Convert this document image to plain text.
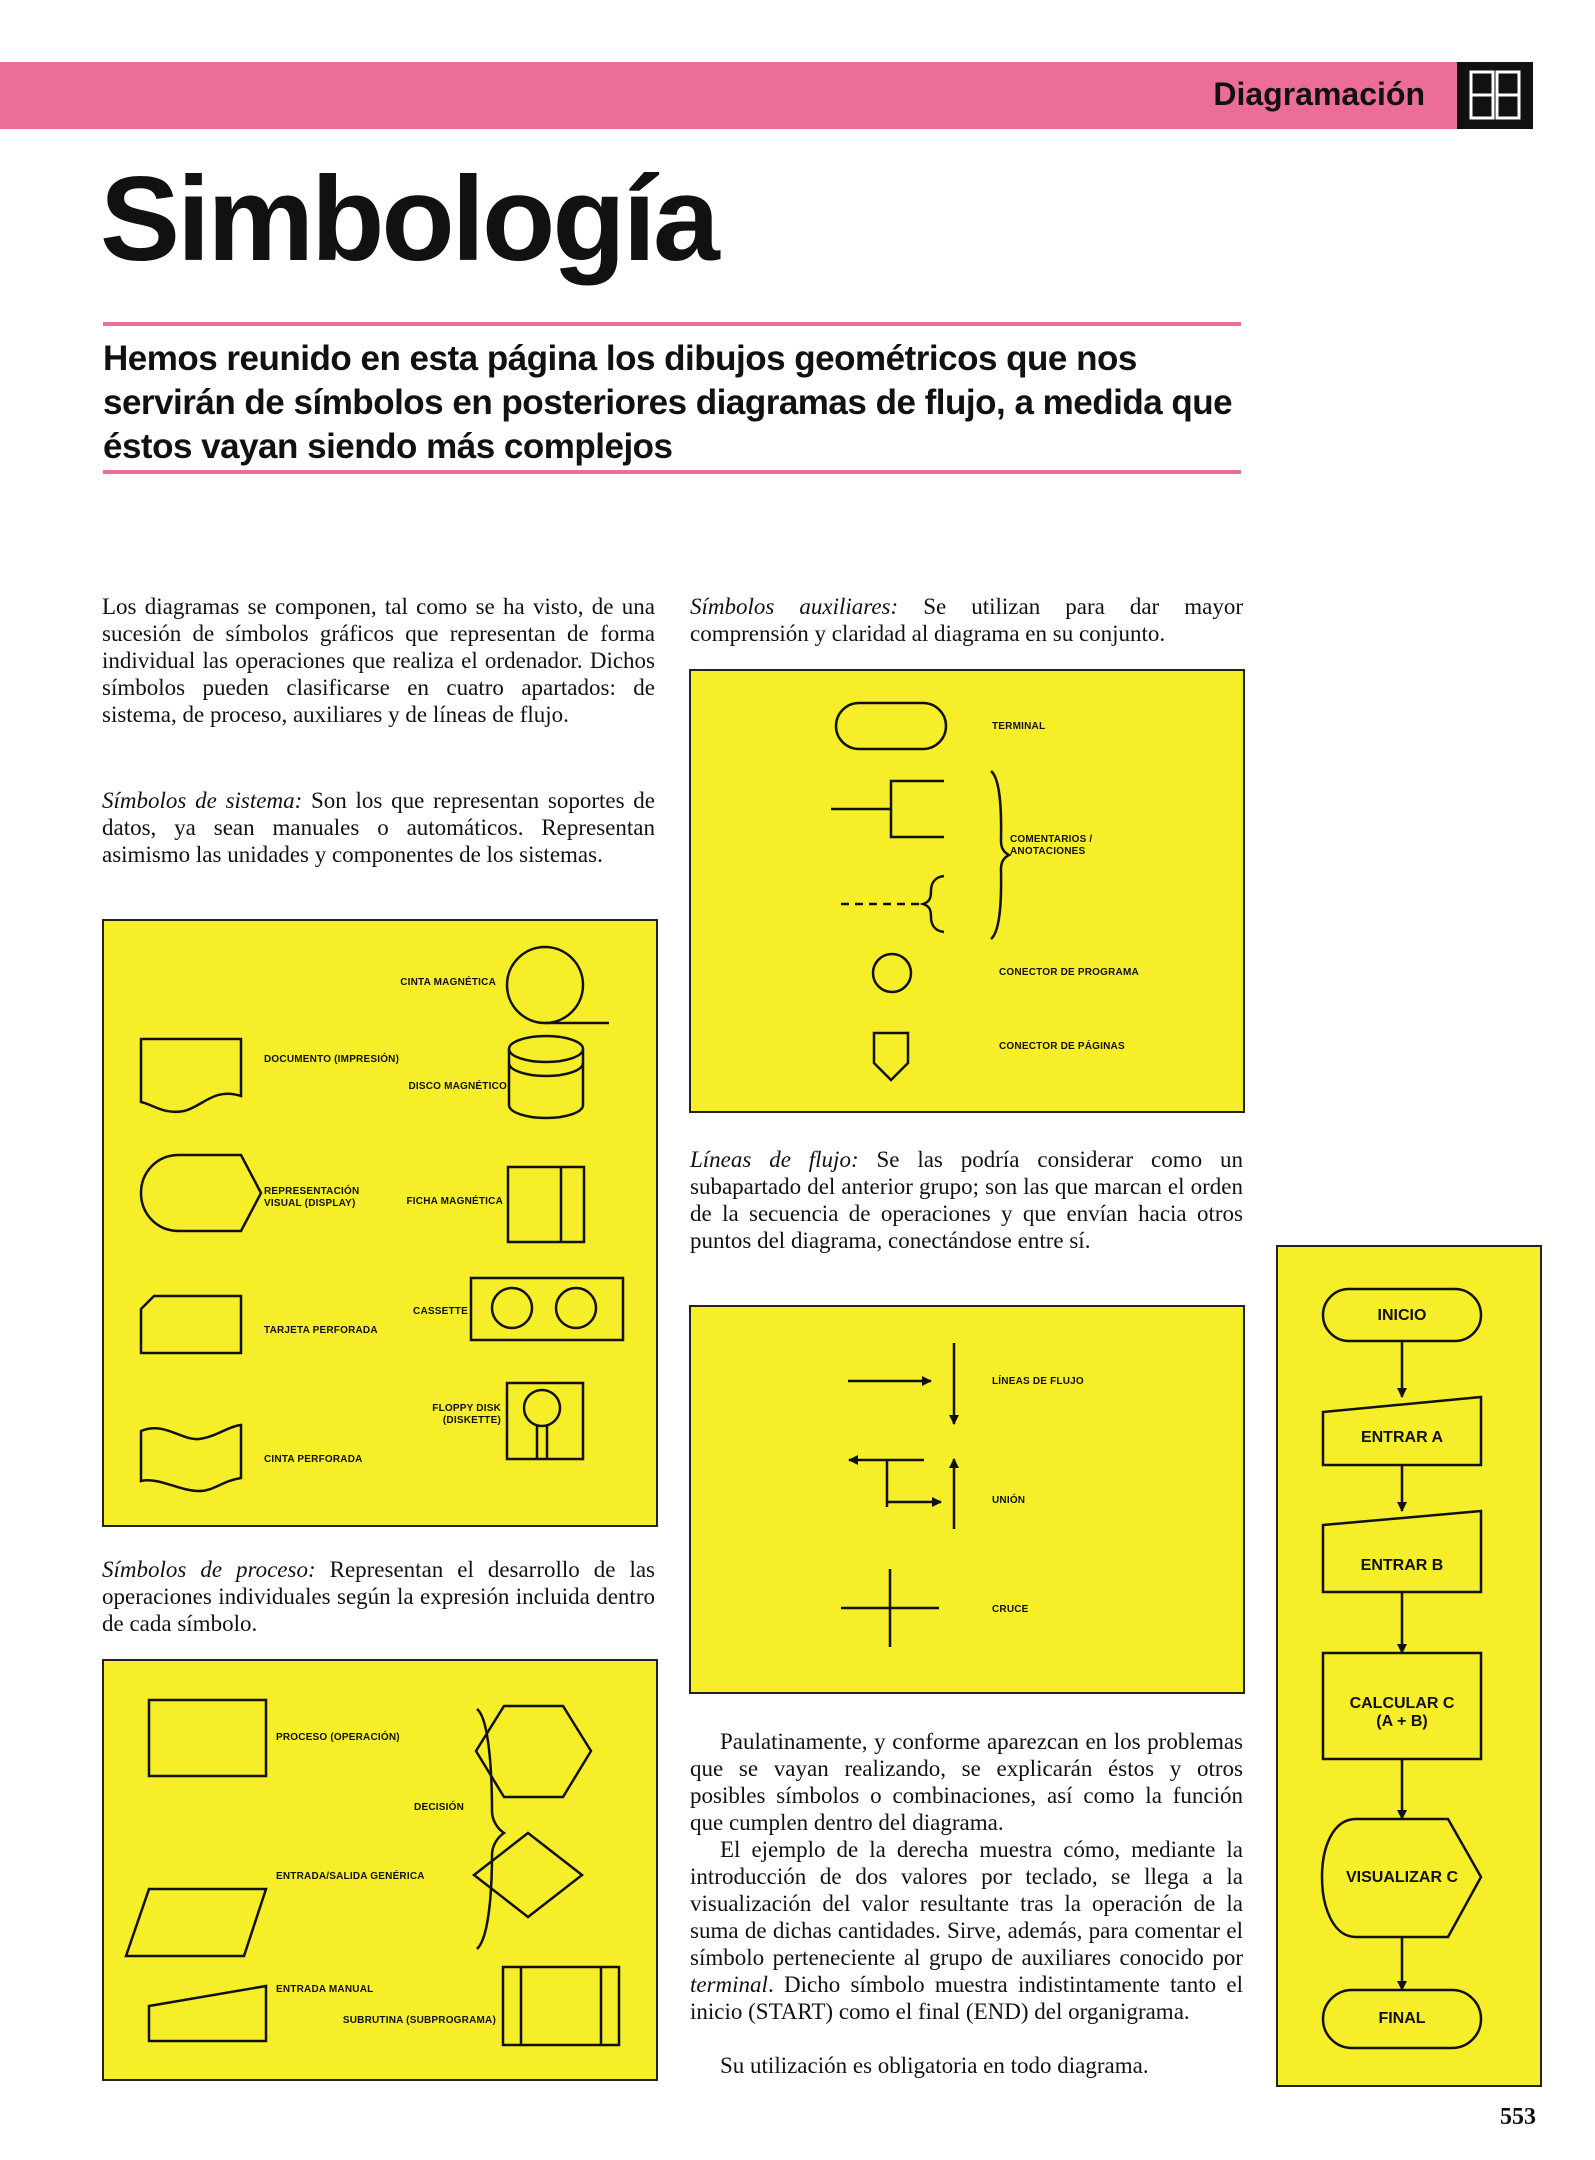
Diagramación
Simbología

Hemos reunido en esta página los dibujos geométricos que nos servirán de símbolos en posteriores diagramas de flujo, a medida que éstos vayan siendo más complejos

Los diagramas se componen, tal como se ha visto, de una sucesión de símbolos gráficos que representan de forma individual las operaciones que realiza el ordenador. Dichos símbolos pueden clasificarse en cuatro apartados: de sistema, de proceso, auxiliares y de líneas de flujo.

Símbolos de sistema: Son los que representan soportes de datos, ya sean manuales o automáticos. Representan asimismo las unidades y componentes de los sistemas.

CINTA MAGNÉTICA
DOCUMENTO (IMPRESIÓN)
DISCO MAGNÉTICO
REPRESENTACIÓN
VISUAL (DISPLAY)	FICHA MAGNÉTICA
CASSETTE
TARJETA PERFORADA
FLOPPY DISK
(DISKETTE)
CINTA PERFORADA

Símbolos de proceso: Representan el desarrollo de las operaciones individuales según la expresión incluida dentro de cada símbolo.

PROCESO (OPERACIÓN)
DECISIÓN
ENTRADA/SALIDA GENÉRICA
ENTRADA MANUAL
SUBRUTINA (SUBPROGRAMA)

Símbolos auxiliares: Se utilizan para dar mayor comprensión y claridad al diagrama en su conjunto.

TERMINAL
COMENTARIOS /
ANOTACIONES
CONECTOR DE PROGRAMA
CONECTOR DE PÁGINAS

Líneas de flujo: Se las podría considerar como un subapartado del anterior grupo; son las que marcan el orden de la secuencia de operaciones y que envían hacia otros puntos del diagrama, conectándose entre sí.

LÍNEAS DE FLUJO
UNIÓN
CRUCE

Paulatinamente, y conforme aparezcan en los problemas que se vayan realizando, se explicarán éstos y otros posibles símbolos o combinaciones, así como la función que cumplen dentro del diagrama.

El ejemplo de la derecha muestra cómo, mediante la introducción de dos valores por teclado, se llega a la visualización del valor resultante tras la operación de la suma de dichas cantidades. Sirve, además, para comentar el símbolo perteneciente al grupo de auxiliares conocido por terminal. Dicho símbolo muestra indistintamente tanto el inicio (START) como el final (END) del organigrama.

Su utilización es obligatoria en todo diagrama.

INICIO
ENTRAR A
ENTRAR B
CALCULAR C
(A + B)
VISUALIZAR C
FINAL
553
